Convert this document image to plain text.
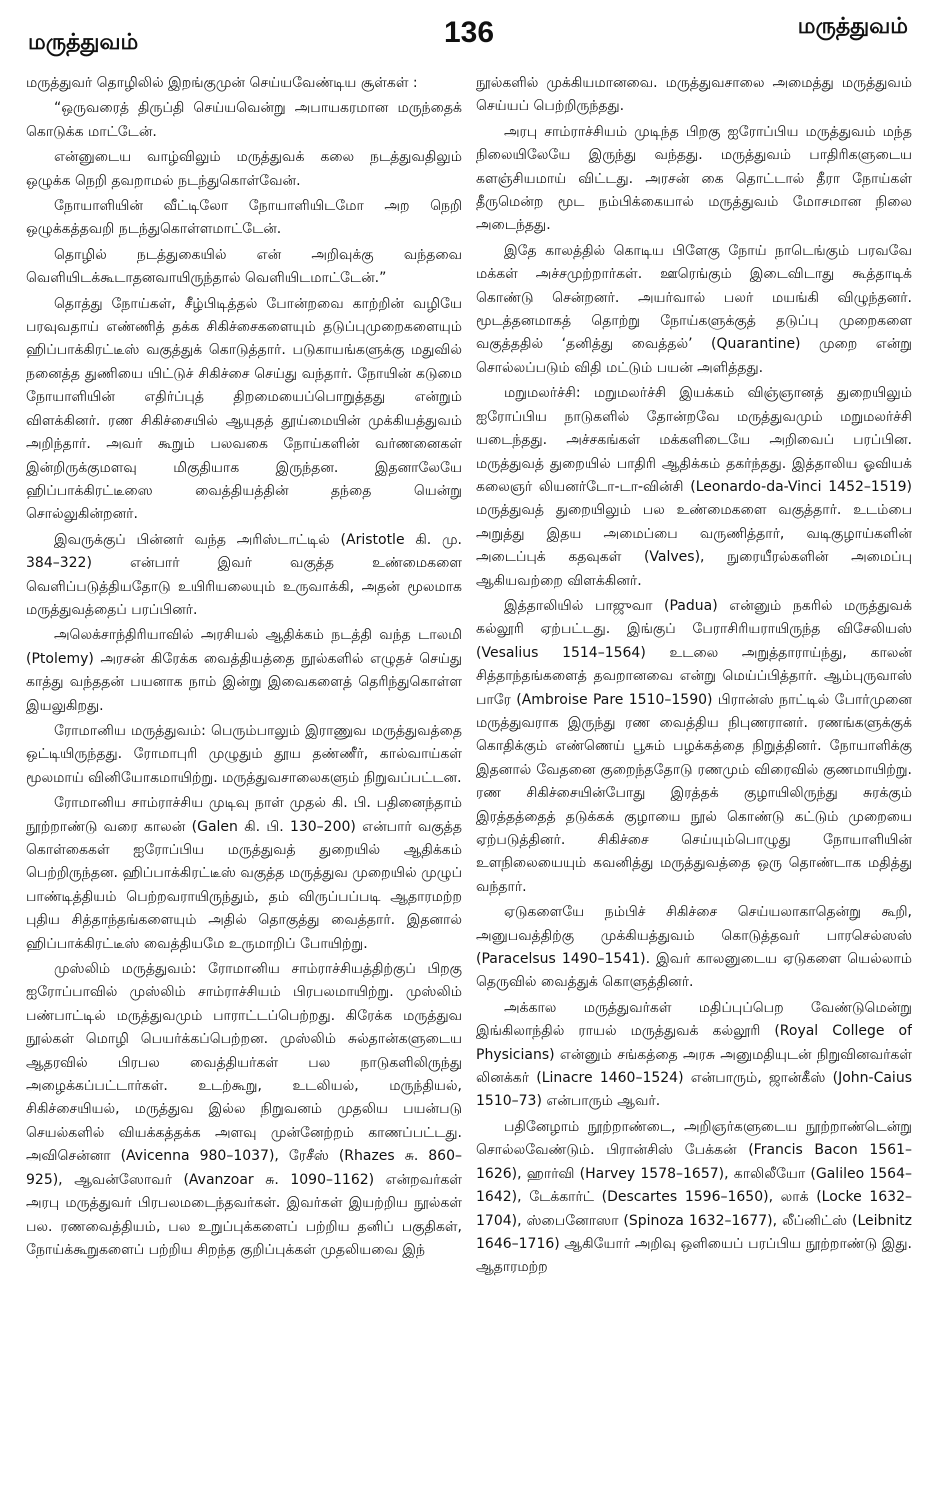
மருத்துவம்	136	மருத்துவம்

மருத்துவர் தொழிலில் இறங்குமுன் செய்யவேண்டிய சூள்கள் :

“ஒருவரைத் திருப்தி செய்யவென்று அபாயகரமான மருந்தைக் கொடுக்க மாட்டேன்.

என்னுடைய வாழ்விலும் மருத்துவக் கலை நடத்துவதிலும் ஒழுக்க நெறி தவறாமல் நடந்துகொள்வேன்.

நோயாளியின் வீட்டிலோ நோயாளியிடமோ அற நெறி ஒழுக்கத்தவறி நடந்துகொள்ளமாட்டேன்.

தொழில் நடத்துகையில் என் அறிவுக்கு வந்தவை வெளியிடக்கூடாதனவாயிருந்தால் வெளியிடமாட்டேன்.”

தொத்து நோய்கள், சீழ்பிடித்தல் போன்றவை காற்றின் வழியே பரவுவதாய் எண்ணித் தக்க சிகிச்சைகளையும் தடுப்புமுறைகளையும் ஹிப்பாக்கிரட்டீஸ் வகுத்துக் கொடுத்தார். படுகாயங்களுக்கு மதுவில் நனைத்த துணியை யிட்டுச் சிகிச்சை செய்து வந்தார். நோயின் கடுமை நோயாளியின் எதிர்ப்புத் திறமையைப்பொறுத்தது என்றும் விளக்கினர். ரண சிகிச்சையில் ஆயுதத் தூய்மையின் முக்கியத்துவம் அறிந்தார். அவர் கூறும் பலவகை நோய்களின் வர்ணனைகள் இன்றிருக்குமளவு மிகுதியாக இருந்தன. இதனாலேயே ஹிப்பாக்கிரட்டீஸை வைத்தியத்தின் தந்தை யென்று சொல்லுகின்றனர்.

இவருக்குப் பின்னர் வந்த அரிஸ்டாட்டில் (Aristotle கி. மு. 384–322) என்பார் இவர் வகுத்த உண்மைகளை வெளிப்படுத்தியதோடு உயிரியலையும் உருவாக்கி, அதன் மூலமாக மருத்துவத்தைப் பரப்பினர்.

அலெக்சாந்திரியாவில் அரசியல் ஆதிக்கம் நடத்தி வந்த டாலமி (Ptolemy) அரசன் கிரேக்க வைத்தியத்தை நூல்களில் எழுதச் செய்து காத்து வந்ததன் பயனாக நாம் இன்று இவைகளைத் தெரிந்துகொள்ள இயலுகிறது.

ரோமானிய மருத்துவம்: பெரும்பாலும் இராணுவ மருத்துவத்தை ஒட்டியிருந்தது. ரோமாபுரி முழுதும் தூய தண்ணீர், கால்வாய்கள் மூலமாய் வினியோகமாயிற்று. மருத்துவசாலைகளும் நிறுவப்பட்டன.

ரோமானிய சாம்ராச்சிய முடிவு நாள் முதல் கி. பி. பதினைந்தாம் நூற்றாண்டு வரை காலன் (Galen கி. பி. 130–200) என்பார் வகுத்த கொள்கைகள் ஐரோப்பிய மருத்துவத் துறையில் ஆதிக்கம் பெற்றிருந்தன. ஹிப்பாக்கிரட்டீஸ் வகுத்த மருத்துவ முறையில் முழுப் பாண்டித்தியம் பெற்றவராயிருந்தும், தம் விருப்பப்படி ஆதாரமற்ற புதிய சித்தாந்தங்களையும் அதில் தொகுத்து வைத்தார். இதனால் ஹிப்பாக்கிரட்டீஸ் வைத்தியமே உருமாறிப் போயிற்று.

முஸ்லிம் மருத்துவம்: ரோமானிய சாம்ராச்சியத்திற்குப் பிறகு ஐரோப்பாவில் முஸ்லிம் சாம்ராச்சியம் பிரபலமாயிற்று. முஸ்லிம் பண்பாட்டில் மருத்துவமும் பாராட்டப்பெற்றது. கிரேக்க மருத்துவ நூல்கள் மொழி பெயர்க்கப்பெற்றன. முஸ்லிம் சுல்தான்களுடைய ஆதரவில் பிரபல வைத்தியர்கள் பல நாடுகளிலிருந்து அழைக்கப்பட்டார்கள். உடற்கூறு, உடலியல், மருந்தியல், சிகிச்சையியல், மருத்துவ இல்ல நிறுவனம் முதலிய பயன்படு செயல்களில் வியக்கத்தக்க அளவு முன்னேற்றம் காணப்பட்டது. அவிசென்னா (Avicenna 980–1037), ரேசீஸ் (Rhazes சு. 860–925), ஆவன்ஸோவர் (Avanzoar சு. 1090–1162) என்றவர்கள் அரபு மருத்துவர் பிரபலமடைந்தவர்கள். இவர்கள் இயற்றிய நூல்கள் பல. ரணவைத்தியம், பல உறுப்புக்களைப் பற்றிய தனிப் பகுதிகள், நோய்க்கூறுகளைப் பற்றிய சிறந்த குறிப்புக்கள் முதலியவை இந்

நூல்களில் முக்கியமானவை. மருத்துவசாலை அமைத்து மருத்துவம் செய்யப் பெற்றிருந்தது.

அரபு சாம்ராச்சியம் முடிந்த பிறகு ஐரோப்பிய மருத்துவம் மந்த நிலையிலேயே இருந்து வந்தது. மருத்துவம் பாதிரிகளுடைய களஞ்சியமாய் விட்டது. அரசன் கை தொட்டால் தீரா நோய்கள் தீருமென்ற மூட நம்பிக்கையால் மருத்துவம் மோசமான நிலை அடைந்தது.

இதே காலத்தில் கொடிய பிளேகு நோய் நாடெங்கும் பரவவே மக்கள் அச்சமுற்றார்கள். ஊரெங்கும் இடைவிடாது கூத்தாடிக் கொண்டு சென்றனர். அயர்வால் பலர் மயங்கி விழுந்தனர். மூடத்தனமாகத் தொற்று நோய்களுக்குத் தடுப்பு முறைகளை வகுத்ததில் ‘தனித்து வைத்தல்’ (Quarantine) முறை என்று சொல்லப்படும் விதி மட்டும் பயன் அளித்தது.

மறுமலர்ச்சி: மறுமலர்ச்சி இயக்கம் விஞ்ஞானத் துறையிலும் ஐரோப்பிய நாடுகளில் தோன்றவே மருத்துவமும் மறுமலர்ச்சி யடைந்தது. அச்சகங்கள் மக்களிடையே அறிவைப் பரப்பின. மருத்துவத் துறையில் பாதிரி ஆதிக்கம் தகர்ந்தது. இத்தாலிய ஓவியக் கலைஞர் லியனர்டோ-டா-வின்சி (Leonardo-da-Vinci 1452–1519) மருத்துவத் துறையிலும் பல உண்மைகளை வகுத்தார். உடம்பை அறுத்து இதய அமைப்பை வருணித்தார், வடிகுழாய்களின் அடைப்புக் கதவுகள் (Valves), நுரையீரல்களின் அமைப்பு ஆகியவற்றை விளக்கினர்.

இத்தாலியில் பாஜுவா (Padua) என்னும் நகரில் மருத்துவக் கல்லூரி ஏற்பட்டது. இங்குப் பேராசிரியராயிருந்த விசேலியஸ் (Vesalius 1514–1564) உடலை அறுத்தாராய்ந்து, காலன் சித்தாந்தங்களைத் தவறானவை என்று மெய்ப்பித்தார். ஆம்புருவாஸ் பாரே (Ambroise Pare 1510–1590) பிரான்ஸ் நாட்டில் போர்முனை மருத்துவராக இருந்து ரண வைத்திய நிபுணரானர். ரணங்களுக்குக் கொதிக்கும் எண்ணெய் பூசும் பழக்கத்தை நிறுத்தினர். நோயாளிக்கு இதனால் வேதனை குறைந்ததோடு ரணமும் விரைவில் குணமாயிற்று. ரண சிகிச்சையின்போது இரத்தக் குழாயிலிருந்து சுரக்கும் இரத்தத்தைத் தடுக்கக் குழாயை நூல் கொண்டு கட்டும் முறையை ஏற்படுத்தினர். சிகிச்சை செய்யும்பொழுது நோயாளியின் உளநிலையையும் கவனித்து மருத்துவத்தை ஒரு தொண்டாக மதித்து வந்தார்.

ஏடுகளையே நம்பிச் சிகிச்சை செய்யலாகாதென்று கூறி, அனுபவத்திற்கு முக்கியத்துவம் கொடுத்தவர் பாரசெல்ஸஸ் (Paracelsus 1490–1541). இவர் காலனுடைய ஏடுகளை யெல்லாம் தெருவில் வைத்துக் கொளுத்தினர்.

அக்கால மருத்துவர்கள் மதிப்புப்பெற வேண்டுமென்று இங்கிலாந்தில் ராயல் மருத்துவக் கல்லூரி (Royal College of Physicians) என்னும் சங்கத்தை அரசு அனுமதியுடன் நிறுவினவர்கள் லினக்கர் (Linacre 1460–1524) என்பாரும், ஜான்கீஸ் (John-Caius 1510–73) என்பாரும் ஆவர்.

பதினேழாம் நூற்றாண்டை, அறிஞர்களுடைய நூற்றாண்டென்று சொல்லவேண்டும். பிரான்சிஸ் பேக்கன் (Francis Bacon 1561–1626), ஹார்வி (Harvey 1578–1657), காலிலீயோ (Galileo 1564–1642), டேக்கார்ட் (Descartes 1596–1650), லாக் (Locke 1632–1704), ஸ்பைனோஸா (Spinoza 1632–1677), லீப்னிட்ஸ் (Leibnitz 1646–1716) ஆகியோர் அறிவு ஒளியைப் பரப்பிய நூற்றாண்டு இது. ஆதாரமற்ற
